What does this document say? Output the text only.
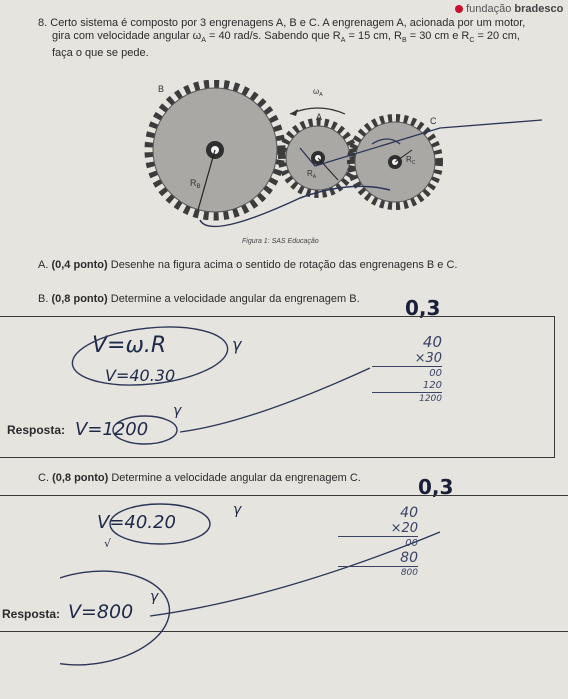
fundação bradesco
8. Certo sistema é composto por 3 engrenagens A, B e C. A engrenagem A, acionada por um motor,
gira com velocidade angular $\omega_A = 40$ rad/s. Sabendo que $R_A = 15$ cm, $R_B = 30$ cm e $R_C = 20$ cm,
faça o que se pede.
B
A	C
$\omega_A$
$R_B$
$R_A$
$R_C$
Figura 1: SAS Educação
A. (0,4 ponto) Desenhe na figura acima o sentido de rotação das engrenagens B e C.
B. (0,8 ponto) Determine a velocidade angular da engrenagem B.	0,3
V=ω.R
V=40.30
γ
γ
40
×30
00
120
1200
Resposta: V=1200
C. (0,8 ponto) Determine a velocidade angular da engrenagem C.	0,3
V=40.20
√
γ
γ
40
×20
00
80
800
Resposta: V=800
